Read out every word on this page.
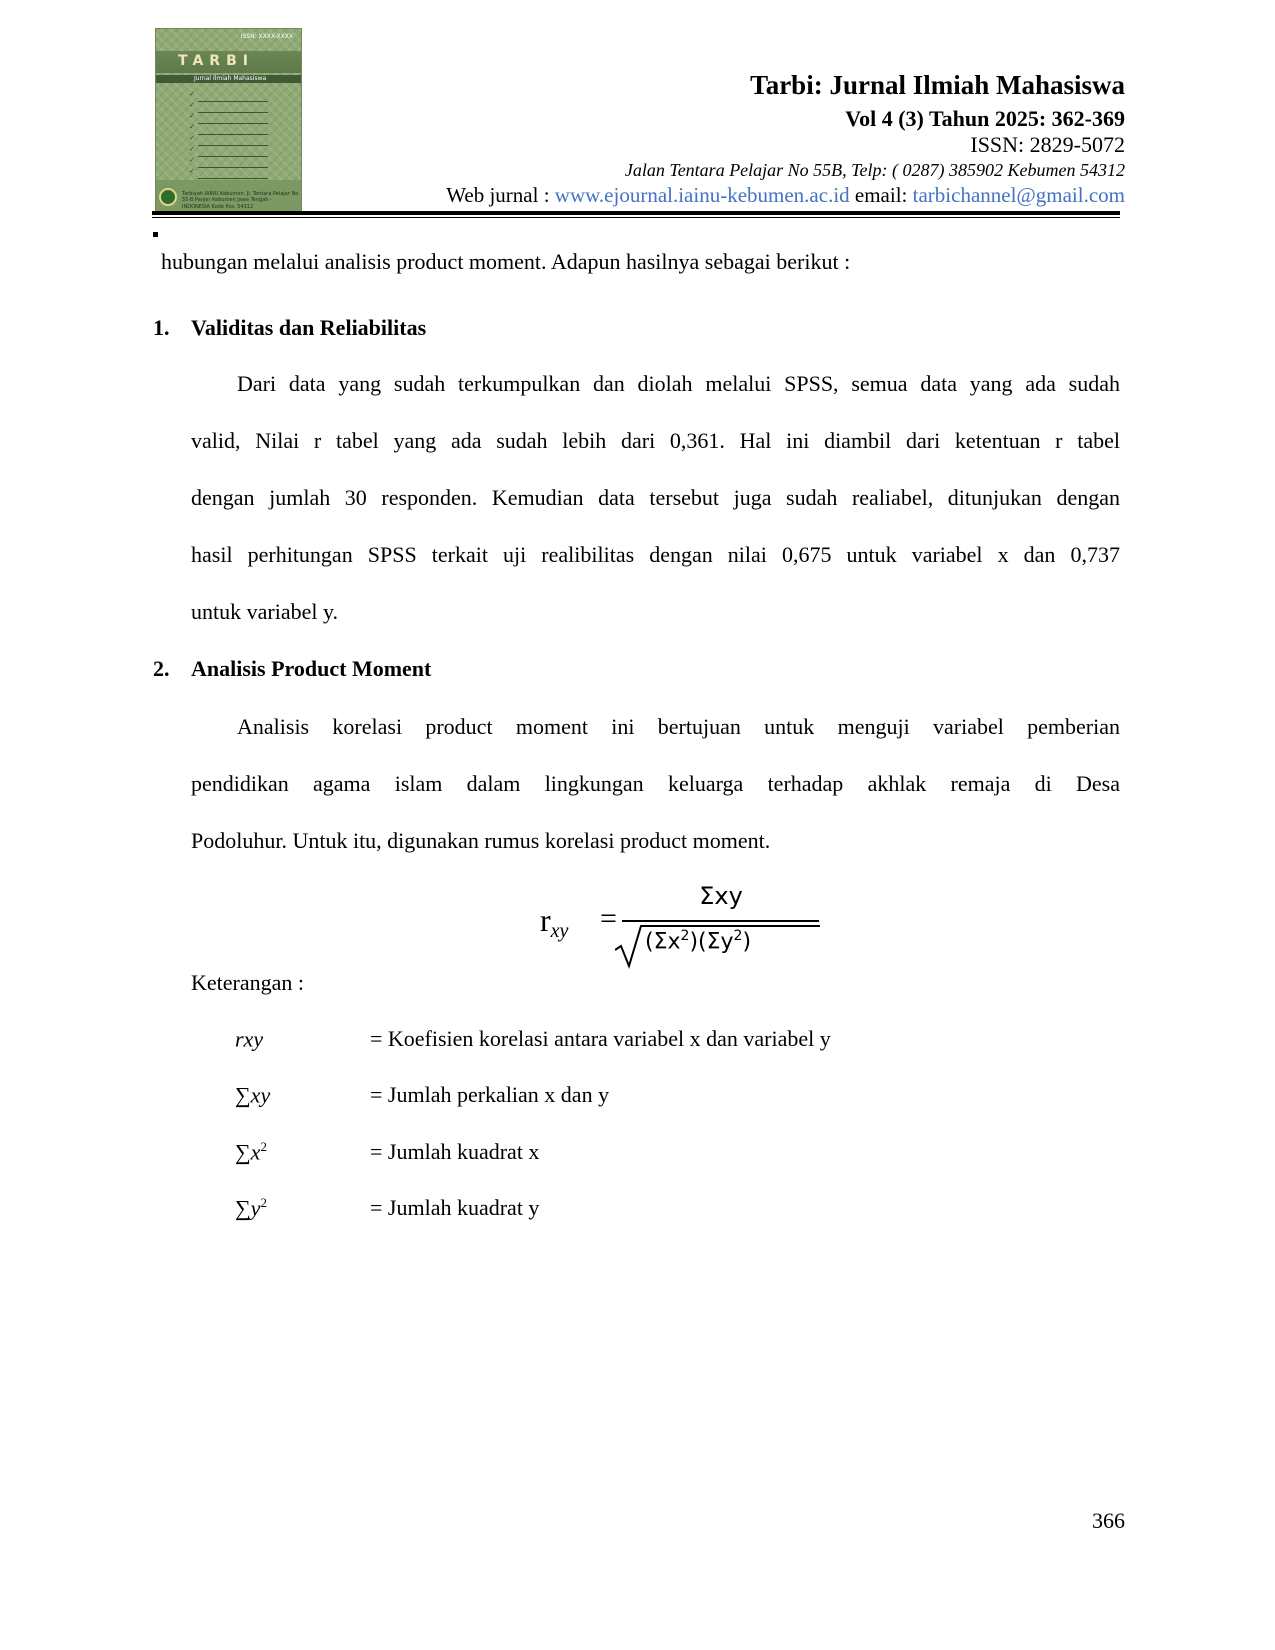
ISSN: XXXX-XXXX
TARBI
Jurnal Ilmiah Mahasiswa
✓
✓
✓
✓
✓
✓
✓
✓
Tarbiyah IAINU Kebumen. Jl. Tentara Pelajar No. 55-B Panjer Kebumen Jawa Tengah - INDONESIA Kode Pos: 54312
Tarbi: Jurnal Ilmiah Mahasiswa
Vol 4 (3) Tahun 2025: 362-369
ISSN: 2829-5072
Jalan Tentara Pelajar No 55B, Telp: ( 0287) 385902 Kebumen 54312
Web jurnal : www.ejournal.iainu-kebumen.ac.id email: tarbichannel@gmail.com
hubungan melalui analisis product moment. Adapun hasilnya sebagai berikut :
1. Validitas dan Reliabilitas
Dari data yang sudah terkumpulkan dan diolah melalui SPSS, semua data yang ada sudah
valid, Nilai r tabel yang ada sudah lebih dari 0,361. Hal ini diambil dari ketentuan r tabel
dengan jumlah 30 responden. Kemudian data tersebut juga sudah realiabel, ditunjukan dengan
hasil perhitungan SPSS terkait uji realibilitas dengan nilai 0,675 untuk variabel x dan 0,737
untuk variabel y.
2. Analisis Product Moment
Analisis korelasi product moment ini bertujuan untuk menguji variabel pemberian
pendidikan agama islam dalam lingkungan keluarga terhadap akhlak remaja di Desa
Podoluhur. Untuk itu, digunakan rumus korelasi product moment.
$r_{xy}$ =
Σxy
$(\Sigma x^2)(\Sigma y^2)$
Keterangan :
rxy	= Koefisien korelasi antara variabel x dan variabel y
∑xy	= Jumlah perkalian x dan y
$\sum x^2$	= Jumlah kuadrat x
$\sum y^2$	= Jumlah kuadrat y
366
